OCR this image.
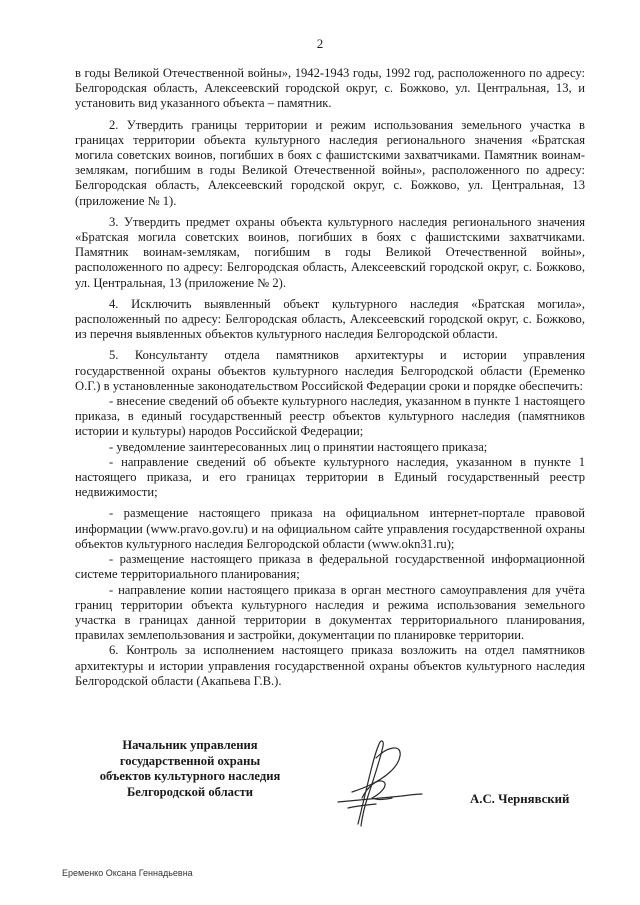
2

в годы Великой Отечественной войны», 1942-1943 годы, 1992 год, расположенного по адресу: Белгородская область, Алексеевский городской округ, с. Божково, ул. Центральная, 13, и установить вид указанного объекта – памятник.

2. Утвердить границы территории и режим использования земельного участка в границах территории объекта культурного наследия регионального значения «Братская могила советских воинов, погибших в боях с фашистскими захватчиками. Памятник воинам-землякам, погибшим в годы Великой Отечественной войны», расположенного по адресу: Белгородская область, Алексеевский городской округ, с. Божково, ул. Центральная, 13 (приложение № 1).

3. Утвердить предмет охраны объекта культурного наследия регионального значения «Братская могила советских воинов, погибших в боях с фашистскими захватчиками. Памятник воинам-землякам, погибшим в годы Великой Отечественной войны», расположенного по адресу: Белгородская область, Алексеевский городской округ, с. Божково, ул. Центральная, 13 (приложение № 2).

4. Исключить выявленный объект культурного наследия «Братская могила», расположенный по адресу: Белгородская область, Алексеевский городской округ, с. Божково, из перечня выявленных объектов культурного наследия Белгородской области.

5. Консультанту отдела памятников архитектуры и истории управления государственной охраны объектов культурного наследия Белгородской области (Еременко О.Г.) в установленные законодательством Российской Федерации сроки и порядке обеспечить:

- внесение сведений об объекте культурного наследия, указанном в пункте 1 настоящего приказа, в единый государственный реестр объектов культурного наследия (памятников истории и культуры) народов Российской Федерации;

- уведомление заинтересованных лиц о принятии настоящего приказа;

- направление сведений об объекте культурного наследия, указанном в пункте 1 настоящего приказа, и его границах территории в Единый государственный реестр недвижимости;

- размещение настоящего приказа на официальном интернет-портале правовой информации (www.pravo.gov.ru) и на официальном сайте управления государственной охраны объектов культурного наследия Белгородской области (www.okn31.ru);

- размещение настоящего приказа в федеральной государственной информационной системе территориального планирования;

- направление копии настоящего приказа в орган местного самоуправления для учёта границ территории объекта культурного наследия и режима использования земельного участка в границах данной территории в документах территориального планирования, правилах землепользования и застройки, документации по планировке территории.

6. Контроль за исполнением настоящего приказа возложить на отдел памятников архитектуры и истории управления государственной охраны объектов культурного наследия Белгородской области (Акапьева Г.В.).

Начальник управления
государственной охраны
объектов культурного наследия
Белгородской области
А.С. Чернявский
Еременко Оксана Геннадьевна
